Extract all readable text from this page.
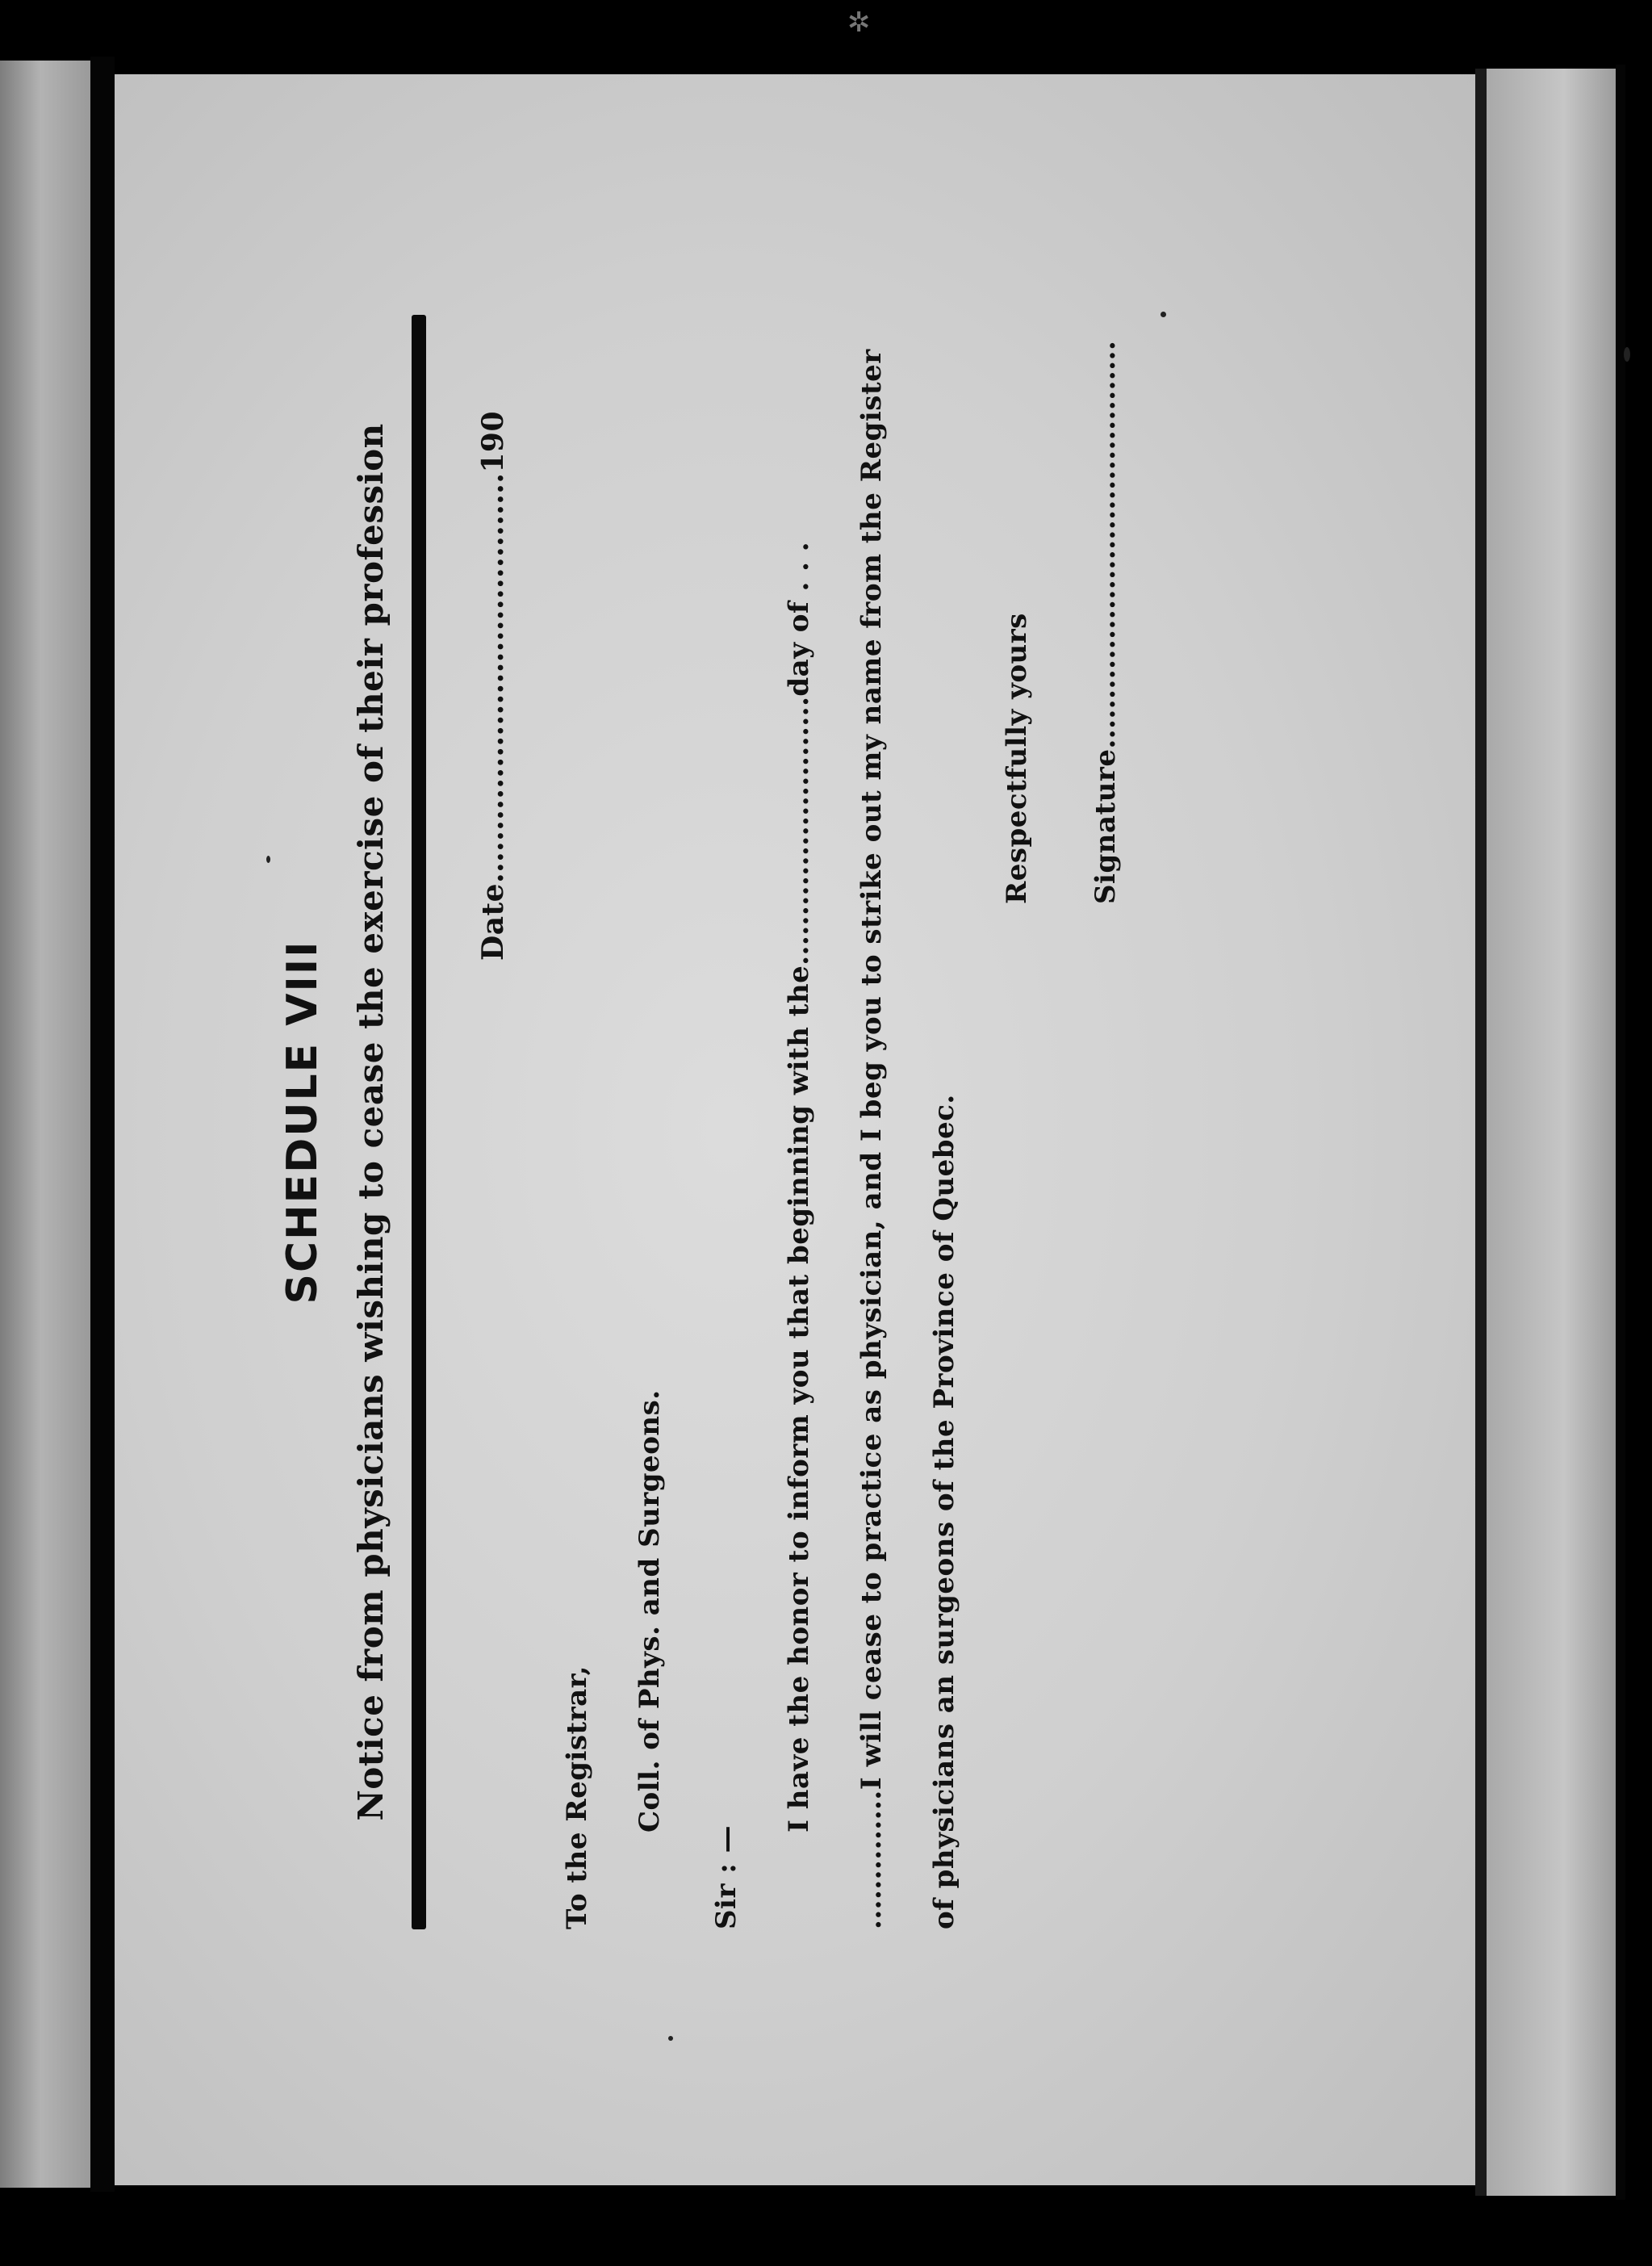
✲
SCHEDULE VIII Notice from physicians wishing to cease the exercise of their profession	Date.......................................190
To the Registrar, Coll. of Phys. and Surgeons.
Sir : —
I have the honor to inform you that beginning with the...........................day of . . . ..............I will cease to practice as physician, and I beg you to strike out my name from the Register of physicians an surgeons of the Province of Quebec.
Respectfully yours Signature.........................................
